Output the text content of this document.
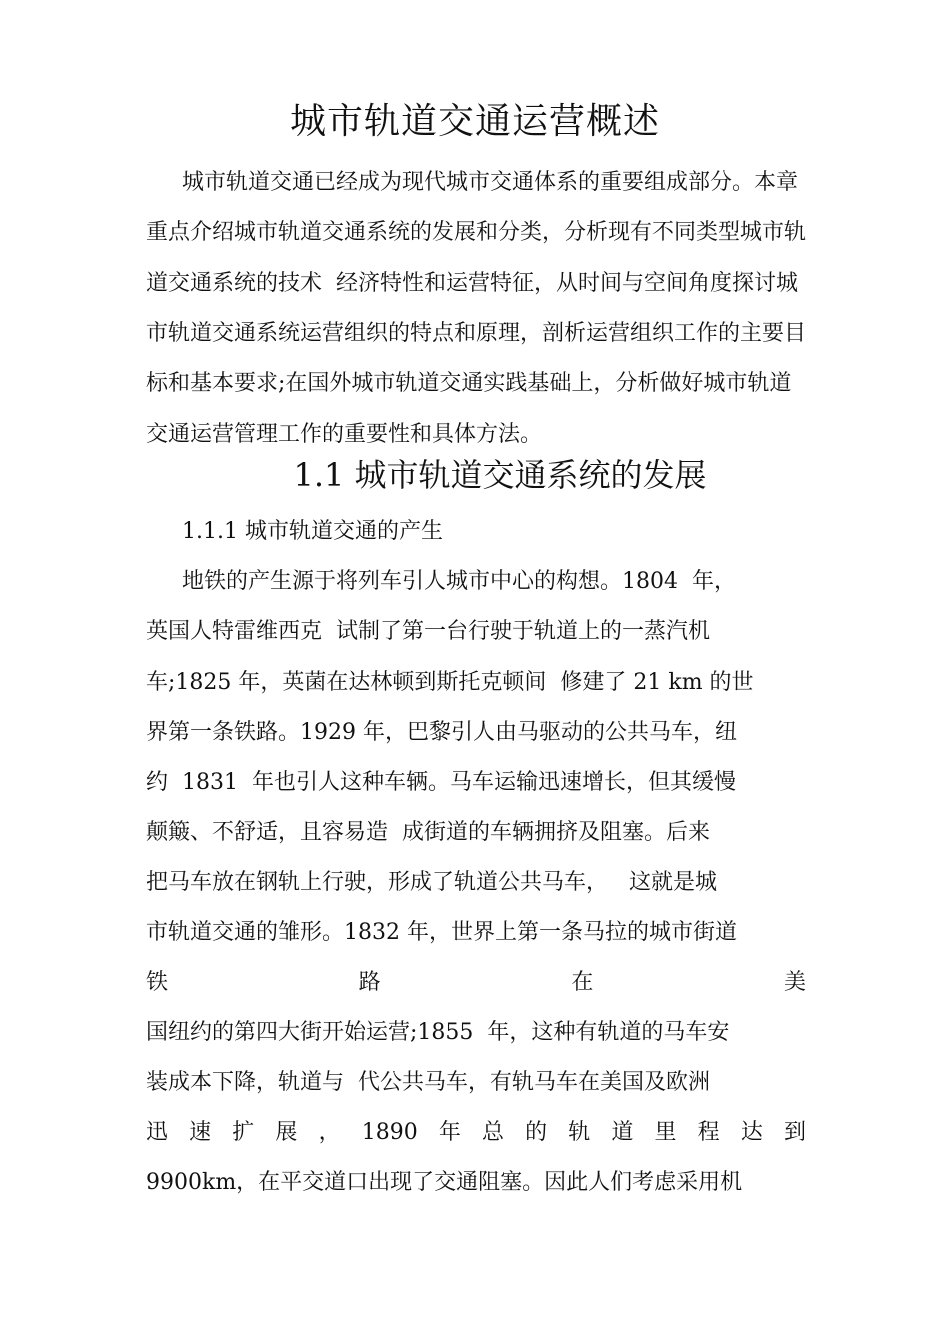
城市轨道交通运营概述
城市轨道交通已经成为现代城市交通体系的重要组成部分。本章
重点介绍城市轨道交通系统的发展和分类，分析现有不同类型城市轨
道交通系统的技术  经济特性和运营特征，从时间与空间角度探讨城
市轨道交通系统运营组织的特点和原理，剖析运营组织工作的主要目
标和基本要求;在国外城市轨道交通实践基础上，分析做好城市轨道
交通运营管理工作的重要性和具体方法。
1.1 城市轨道交通系统的发展
1.1.1 城市轨道交通的产生
地铁的产生源于将列车引人城市中心的构想。1804  年，
英国人特雷维西克  试制了第一台行驶于轨道上的一蒸汽机
车;1825 年，英菌在达林顿到斯托克顿间  修建了 21 km 的世
界第一条铁路。1929 年，巴黎引人由马驱动的公共马车，纽
约  1831  年也引人这种车辆。马车运输迅速增长，但其缓慢
颠簸、不舒适，且容易造  成街道的车辆拥挤及阻塞。后来
把马车放在钢轨上行驶，形成了轨道公共马车，   这就是城
市轨道交通的雏形。1832 年，世界上第一条马拉的城市街道
铁	路	在	美
国纽约的第四大街开始运营;1855  年，这种有轨道的马车安
装成本下降，轨道与  代公共马车，有轨马车在美国及欧洲
迅 速 扩 展 ， 1890 年 总 的 轨 道 里 程 达 到
9900km，在平交道口出现了交通阻塞。因此人们考虑采用机
